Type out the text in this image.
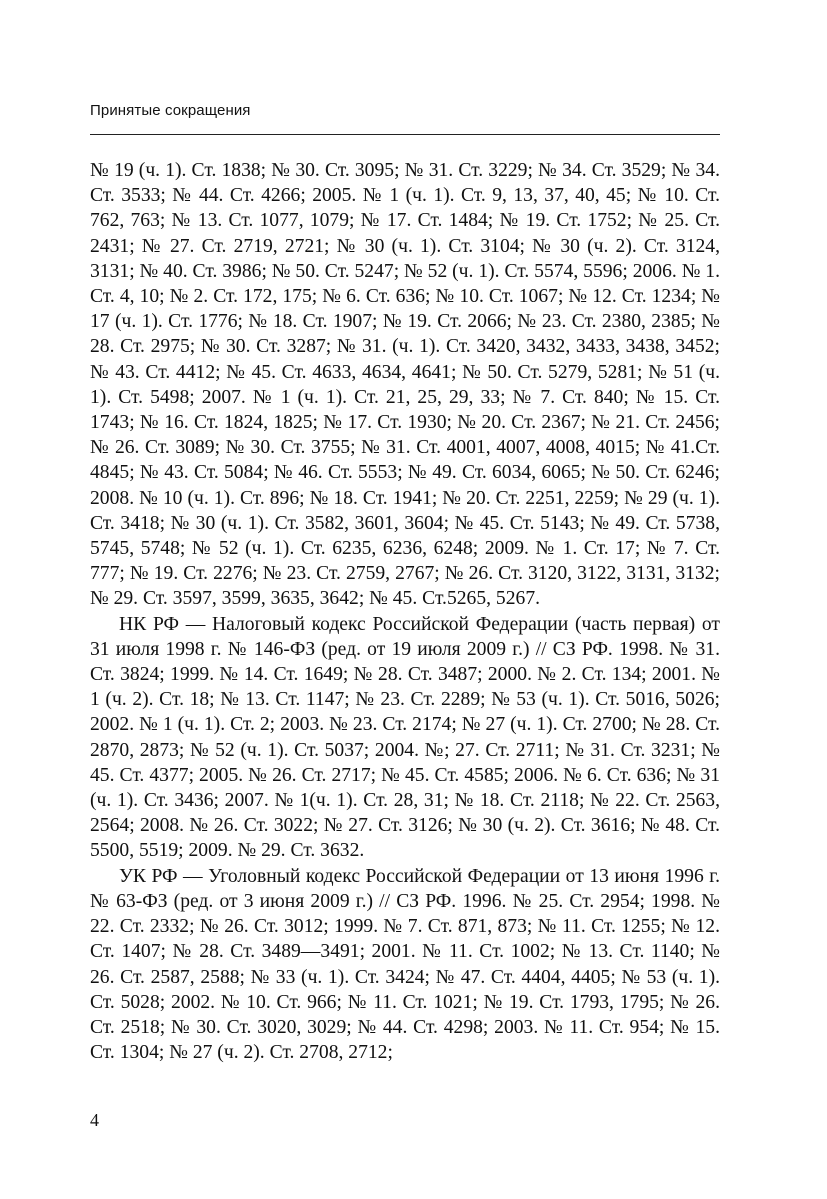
Принятые сокращения

№ 19 (ч. 1). Ст. 1838; № 30. Ст. 3095; № 31. Ст. 3229; № 34. Ст. 3529; № 34. Ст. 3533; № 44. Ст. 4266; 2005. № 1 (ч. 1). Ст. 9, 13, 37, 40, 45; № 10. Ст. 762, 763; № 13. Ст. 1077, 1079; № 17. Ст. 1484; № 19. Ст. 1752; № 25. Ст. 2431; № 27. Ст. 2719, 2721; № 30 (ч. 1). Ст. 3104; № 30 (ч. 2). Ст. 3124, 3131; № 40. Ст. 3986; № 50. Ст. 5247; № 52 (ч. 1). Ст. 5574, 5596; 2006. № 1. Ст. 4, 10; № 2. Ст. 172, 175; № 6. Ст. 636; № 10. Ст. 1067; № 12. Ст. 1234; № 17 (ч. 1). Ст. 1776; № 18. Ст. 1907; № 19. Ст. 2066; № 23. Ст. 2380, 2385; № 28. Ст. 2975; № 30. Ст. 3287; № 31. (ч. 1). Ст. 3420, 3432, 3433, 3438, 3452; № 43. Ст. 4412; № 45. Ст. 4633, 4634, 4641; № 50. Ст. 5279, 5281; № 51 (ч. 1). Ст. 5498; 2007. № 1 (ч. 1). Ст. 21, 25, 29, 33; № 7. Ст. 840; № 15. Ст. 1743; № 16. Ст. 1824, 1825; № 17. Ст. 1930; № 20. Ст. 2367; № 21. Ст. 2456; № 26. Ст. 3089; № 30. Ст. 3755; № 31. Ст. 4001, 4007, 4008, 4015; № 41.Ст. 4845; № 43. Ст. 5084; № 46. Ст. 5553; № 49. Ст. 6034, 6065; № 50. Ст. 6246; 2008. № 10 (ч. 1). Ст. 896; № 18. Ст. 1941; № 20. Ст. 2251, 2259; № 29 (ч. 1). Ст. 3418; № 30 (ч. 1). Ст. 3582, 3601, 3604; № 45. Ст. 5143; № 49. Ст. 5738, 5745, 5748; № 52 (ч. 1). Ст. 6235, 6236, 6248; 2009. № 1. Ст. 17; № 7. Ст. 777; № 19. Ст. 2276; № 23. Ст. 2759, 2767; № 26. Ст. 3120, 3122, 3131, 3132; № 29. Ст. 3597, 3599, 3635, 3642; № 45. Ст.5265, 5267.

НК РФ — Налоговый кодекс Российской Федерации (часть первая) от 31 июля 1998 г. № 146-ФЗ (ред. от 19 июля 2009 г.) // СЗ РФ. 1998. № 31. Ст. 3824; 1999. № 14. Ст. 1649; № 28. Ст. 3487; 2000. № 2. Ст. 134; 2001. № 1 (ч. 2). Ст. 18; № 13. Ст. 1147; № 23. Ст. 2289; № 53 (ч. 1). Ст. 5016, 5026; 2002. № 1 (ч. 1). Ст. 2; 2003. № 23. Ст. 2174; № 27 (ч. 1). Ст. 2700; № 28. Ст. 2870, 2873; № 52 (ч. 1). Ст. 5037; 2004. №; 27. Ст. 2711; № 31. Ст. 3231; № 45. Ст. 4377; 2005. № 26. Ст. 2717; № 45. Ст. 4585; 2006. № 6. Ст. 636; № 31 (ч. 1). Ст. 3436; 2007. № 1(ч. 1). Ст. 28, 31; № 18. Ст. 2118; № 22. Ст. 2563, 2564; 2008. № 26. Ст. 3022; № 27. Ст. 3126; № 30 (ч. 2). Ст. 3616; № 48. Ст. 5500, 5519; 2009. № 29. Ст. 3632.

УК РФ — Уголовный кодекс Российской Федерации от 13 июня 1996 г. № 63-ФЗ (ред. от 3 июня 2009 г.) // СЗ РФ. 1996. № 25. Ст. 2954; 1998. № 22. Ст. 2332; № 26. Ст. 3012; 1999. № 7. Ст. 871, 873; № 11. Ст. 1255; № 12. Ст. 1407; № 28. Ст. 3489—3491; 2001. № 11. Ст. 1002; № 13. Ст. 1140; № 26. Ст. 2587, 2588; № 33 (ч. 1). Ст. 3424; № 47. Ст. 4404, 4405; № 53 (ч. 1). Ст. 5028; 2002. № 10. Ст. 966; № 11. Ст. 1021; № 19. Ст. 1793, 1795; № 26. Ст. 2518; № 30. Ст. 3020, 3029; № 44. Ст. 4298; 2003. № 11. Ст. 954; № 15. Ст. 1304; № 27 (ч. 2). Ст. 2708, 2712;

4
